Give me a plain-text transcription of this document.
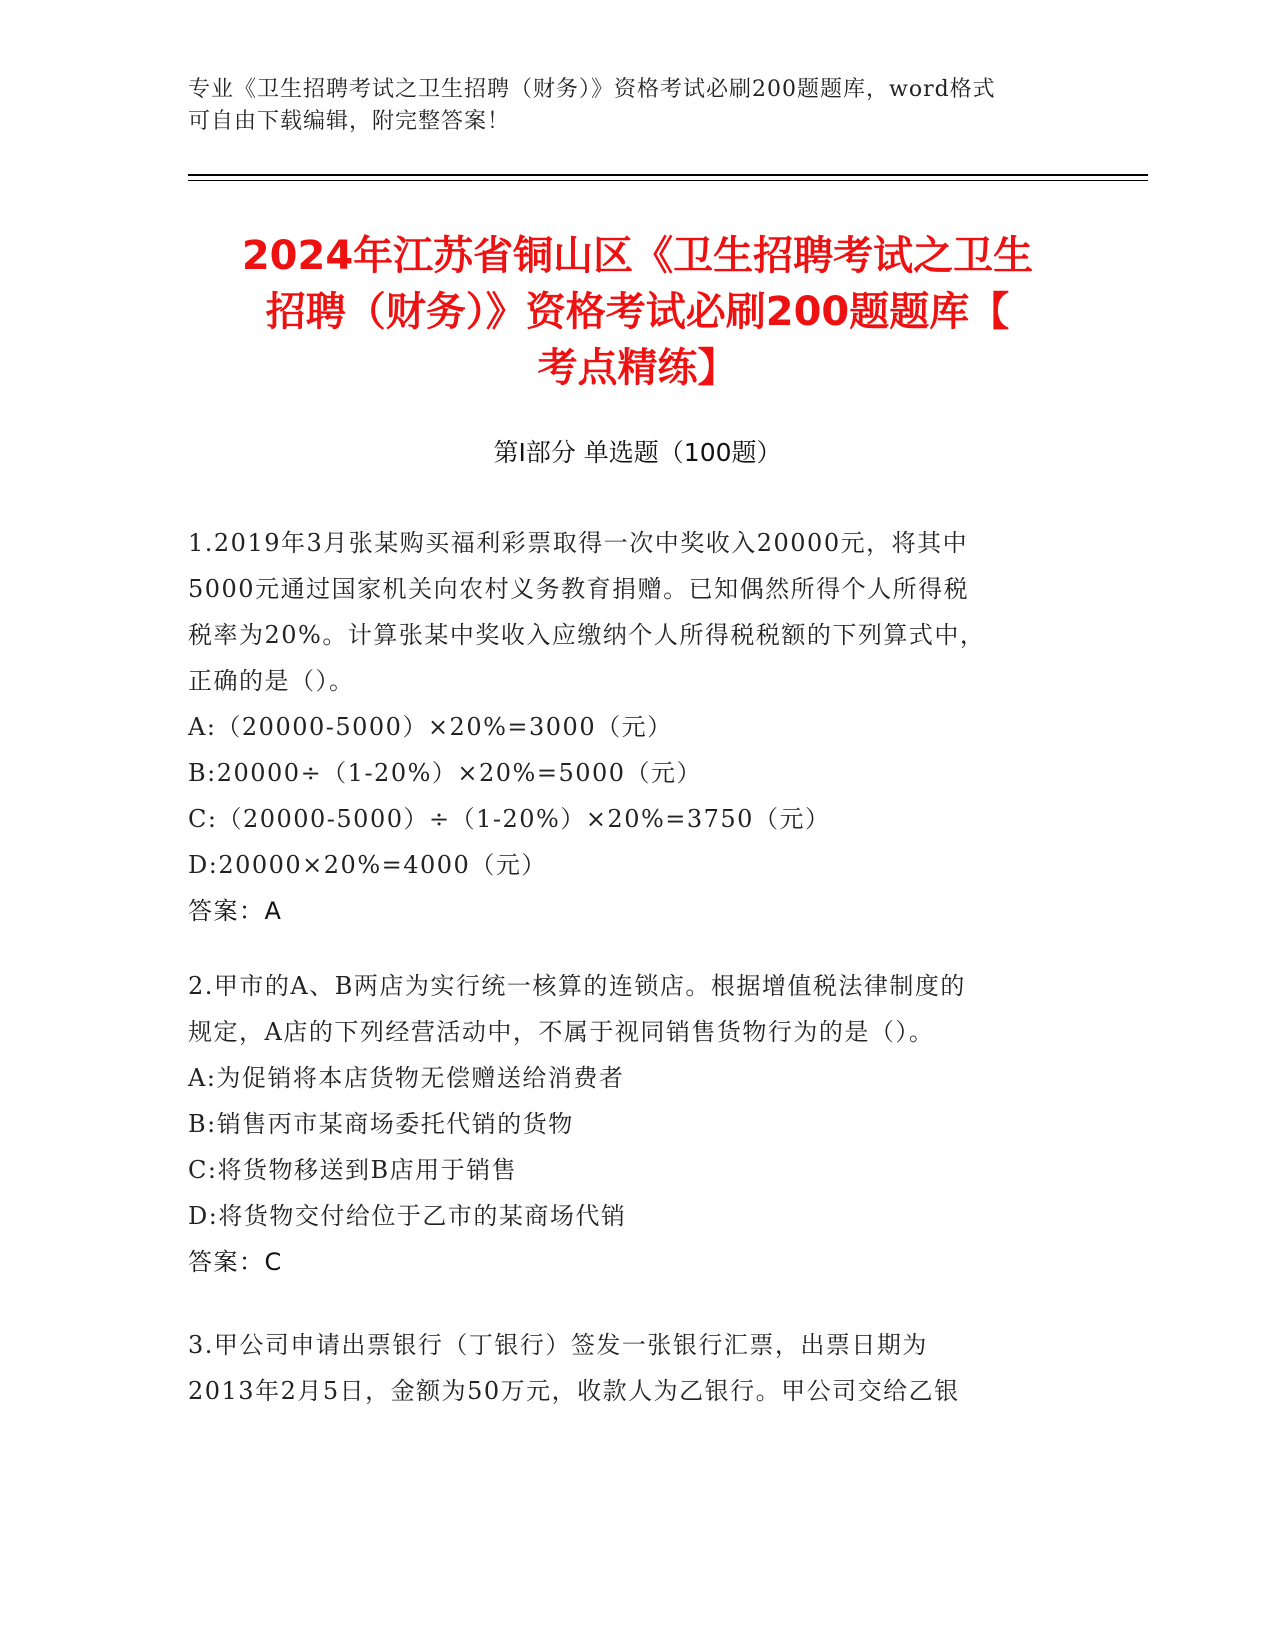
专业《卫生招聘考试之卫生招聘（财务）》资格考试必刷200题题库，word格式
可自由下载编辑，附完整答案！
2024年江苏省铜山区《卫生招聘考试之卫生
招聘（财务）》资格考试必刷200题题库【
考点精练】
第I部分 单选题（100题）
1.2019年3月张某购买福利彩票取得一次中奖收入20000元，将其中
5000元通过国家机关向农村义务教育捐赠。已知偶然所得个人所得税
税率为20%。计算张某中奖收入应缴纳个人所得税税额的下列算式中，
正确的是（）。
A:（20000-5000）×20%=3000（元）
B:20000÷（1-20%）×20%=5000（元）
C:（20000-5000）÷（1-20%）×20%=3750（元）
D:20000×20%=4000（元）
答案：A
2.甲市的A、B两店为实行统一核算的连锁店。根据增值税法律制度的
规定，A店的下列经营活动中，不属于视同销售货物行为的是（）。
A:为促销将本店货物无偿赠送给消费者
B:销售丙市某商场委托代销的货物
C:将货物移送到B店用于销售
D:将货物交付给位于乙市的某商场代销
答案：C
3.甲公司申请出票银行（丁银行）签发一张银行汇票，出票日期为
2013年2月5日，金额为50万元，收款人为乙银行。甲公司交给乙银
